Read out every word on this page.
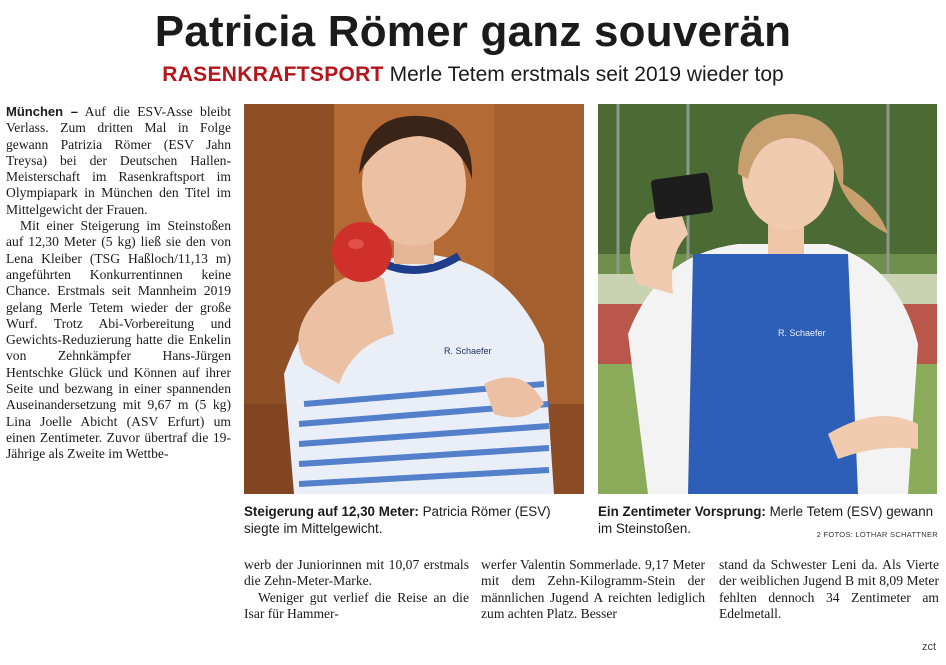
Patricia Römer ganz souverän
RASENKRAFTSPORT Merle Tetem erstmals seit 2019 wieder top

München – Auf die ESV-Asse bleibt Verlass. Zum dritten Mal in Folge gewann Patrizia Römer (ESV Jahn Treysa) bei der Deutschen Hallen-Meisterschaft im Rasenkraftsport im Olympiapark in München den Titel im Mittelgewicht der Frauen.

Mit einer Steigerung im Steinstoßen auf 12,30 Meter (5 kg) ließ sie den von Lena Kleiber (TSG Haßloch/11,13 m) angeführten Konkurrentinnen keine Chance. Erstmals seit Mannheim 2019 gelang Merle Tetem wieder der große Wurf. Trotz Abi-Vorbereitung und Gewichts-Reduzierung hatte die Enkelin von Zehnkämpfer Hans-Jürgen Hentschke Glück und Können auf ihrer Seite und bezwang in einer spannenden Auseinandersetzung mit 9,67 m (5 kg) Lina Joelle Abicht (ASV Erfurt) um einen Zentimeter. Zuvor übertraf die 19-Jährige als Zweite im Wettbe-

R. Schaefer
R. Schaefer
Steigerung auf 12,30 Meter: Patricia Römer (ESV) siegte im Mittelgewicht.
Ein Zentimeter Vorsprung: Merle Tetem (ESV) gewann im Steinstoßen.	2 FOTOS: LOTHAR SCHATTNER

werb der Juniorinnen mit 10,07 erstmals die Zehn-Meter-Marke.

Weniger gut verlief die Reise an die Isar für Hammer-

werfer Valentin Sommerlade. 9,17 Meter mit dem Zehn-Kilogramm-Stein der männlichen Jugend A reichten lediglich zum achten Platz. Besser

stand da Schwester Leni da. Als Vierte der weiblichen Jugend B mit 8,09 Meter fehlten dennoch 34 Zentimeter am Edelmetall.

zct
